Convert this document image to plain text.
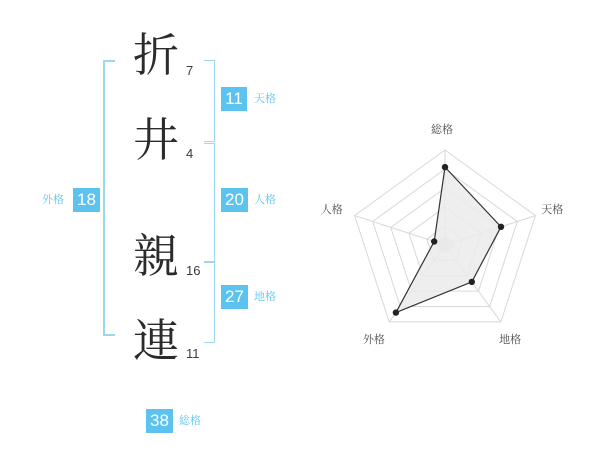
折
井
親
連
7
4
16
11
11	天格
20 人格
27 地格
18
外格
38 総格
総格
天格
地格
外格
人格
